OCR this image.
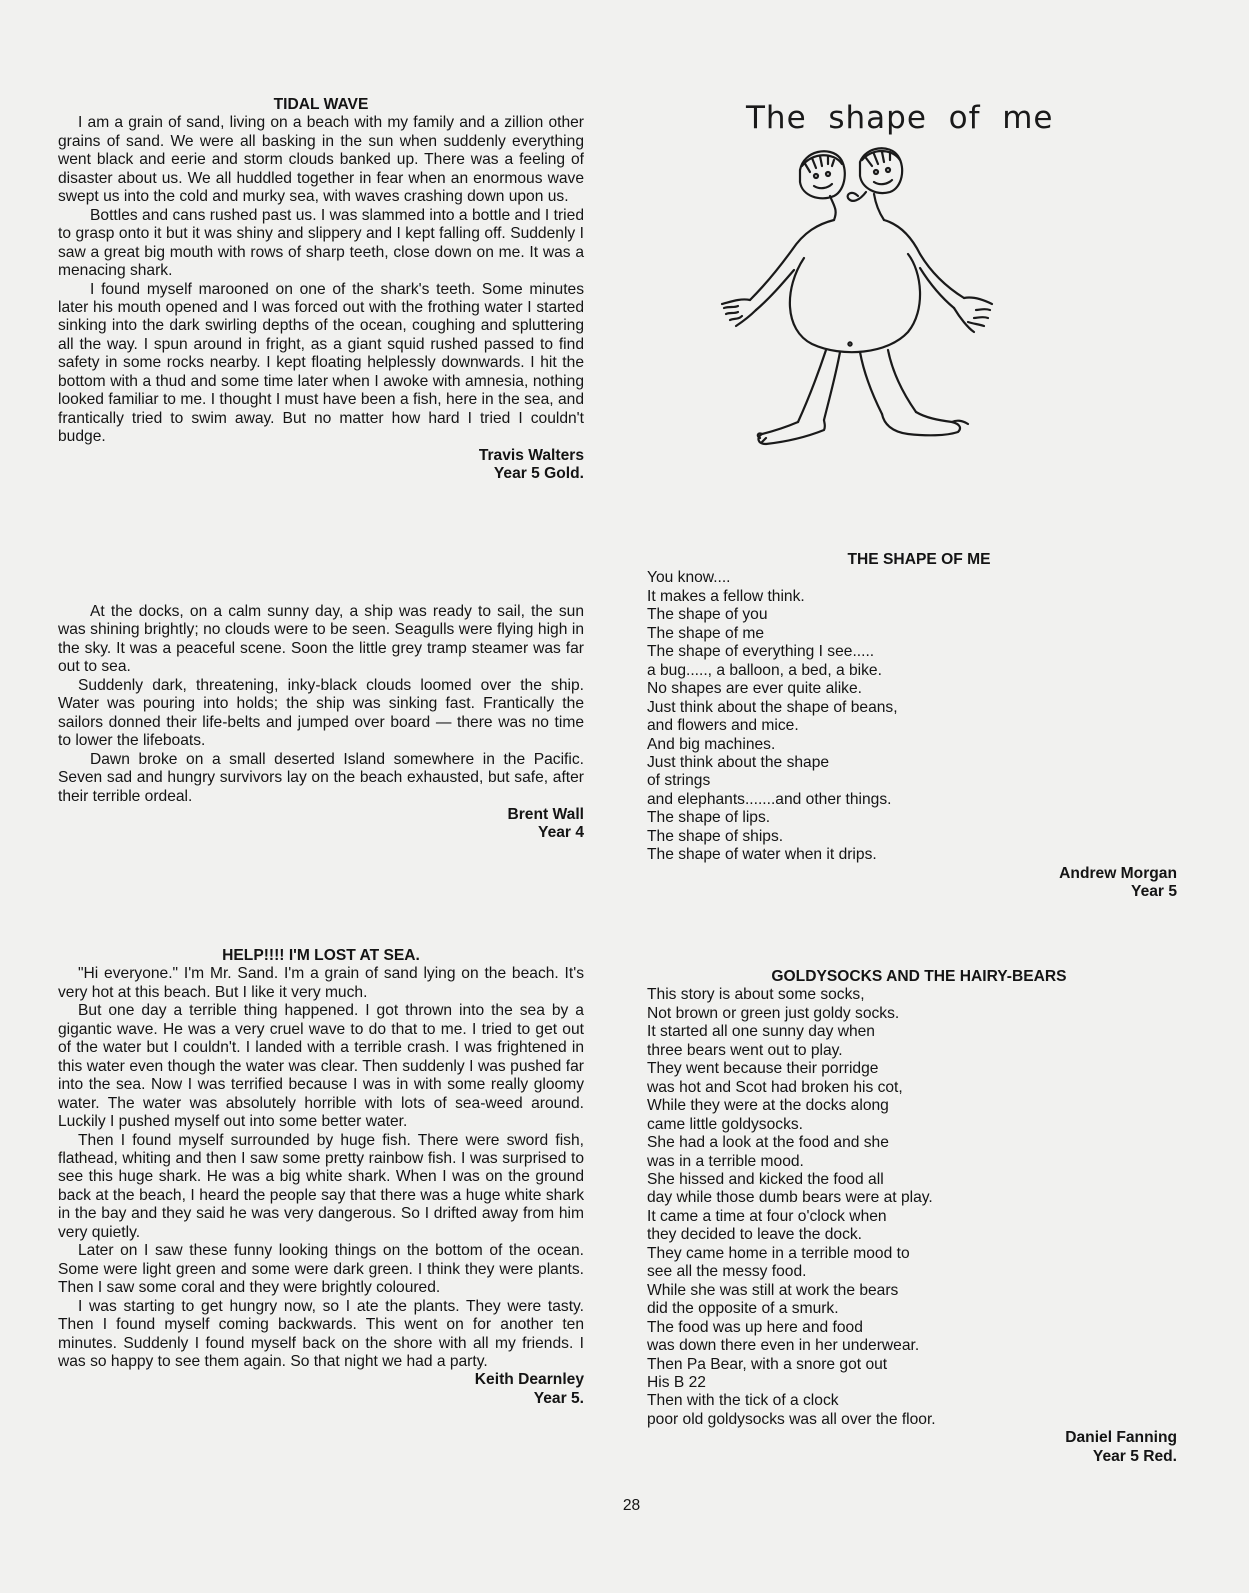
TIDAL WAVE
I am a grain of sand, living on a beach with my family and a zillion other grains of sand. We were all basking in the sun when suddenly everything went black and eerie and storm clouds banked up. There was a feeling of disaster about us. We all huddled together in fear when an enormous wave swept us into the cold and murky sea, with waves crashing down upon us.
Bottles and cans rushed past us. I was slammed into a bottle and I tried to grasp onto it but it was shiny and slippery and I kept falling off. Suddenly I saw a great big mouth with rows of sharp teeth, close down on me. It was a menacing shark.
I found myself marooned on one of the shark's teeth. Some minutes later his mouth opened and I was forced out with the frothing water I started sinking into the dark swirling depths of the ocean, coughing and spluttering all the way. I spun around in fright, as a giant squid rushed passed to find safety in some rocks nearby. I kept floating helplessly downwards. I hit the bottom with a thud and some time later when I awoke with amnesia, nothing looked familiar to me. I thought I must have been a fish, here in the sea, and frantically tried to swim away. But no matter how hard I tried I couldn't budge.
Travis Walters
Year 5 Gold.
At the docks, on a calm sunny day, a ship was ready to sail, the sun was shining brightly; no clouds were to be seen. Seagulls were flying high in the sky. It was a peaceful scene. Soon the little grey tramp steamer was far out to sea.
Suddenly dark, threatening, inky-black clouds loomed over the ship. Water was pouring into holds; the ship was sinking fast. Frantically the sailors donned their life-belts and jumped over board — there was no time to lower the lifeboats.
Dawn broke on a small deserted Island somewhere in the Pacific. Seven sad and hungry survivors lay on the beach exhausted, but safe, after their terrible ordeal.
Brent Wall
Year 4
HELP!!!! I'M LOST AT SEA.
"Hi everyone." I'm Mr. Sand. I'm a grain of sand lying on the beach. It's very hot at this beach. But I like it very much.
But one day a terrible thing happened. I got thrown into the sea by a gigantic wave. He was a very cruel wave to do that to me. I tried to get out of the water but I couldn't. I landed with a terrible crash. I was frightened in this water even though the water was clear. Then suddenly I was pushed far into the sea. Now I was terrified because I was in with some really gloomy water. The water was absolutely horrible with lots of sea-weed around. Luckily I pushed myself out into some better water.
Then I found myself surrounded by huge fish. There were sword fish, flathead, whiting and then I saw some pretty rainbow fish. I was surprised to see this huge shark. He was a big white shark. When I was on the ground back at the beach, I heard the people say that there was a huge white shark in the bay and they said he was very dangerous. So I drifted away from him very quietly.
Later on I saw these funny looking things on the bottom of the ocean. Some were light green and some were dark green. I think they were plants. Then I saw some coral and they were brightly coloured.
I was starting to get hungry now, so I ate the plants. They were tasty. Then I found myself coming backwards. This went on for another ten minutes. Suddenly I found myself back on the shore with all my friends. I was so happy to see them again. So that night we had a party.
Keith Dearnley
Year 5.
The  shape  of  me
THE SHAPE OF ME
You know....
It makes a fellow think.
The shape of you
The shape of me
The shape of everything I see.....
a bug....., a balloon, a bed, a bike.
No shapes are ever quite alike.
Just think about the shape of beans,
and flowers and mice.
And big machines.
Just think about the shape
of strings
and elephants.......and other things.
The shape of lips.
The shape of ships.
The shape of water when it drips.
Andrew Morgan
Year 5
GOLDYSOCKS AND THE HAIRY-BEARS
This story is about some socks,
Not brown or green just goldy socks.
It started all one sunny day when
three bears went out to play.
They went because their porridge
was hot and Scot had broken his cot,
While they were at the docks along
came little goldysocks.
She had a look at the food and she
was in a terrible mood.
She hissed and kicked the food all
day while those dumb bears were at play.
It came a time at four o'clock when
they decided to leave the dock.
They came home in a terrible mood to
see all the messy food.
While she was still at work the bears
did the opposite of a smurk.
The food was up here and food
was down there even in her underwear.
Then Pa Bear, with a snore got out
His B 22
Then with the tick of a clock
poor old goldysocks was all over the floor.
Daniel Fanning
Year 5 Red.
28
